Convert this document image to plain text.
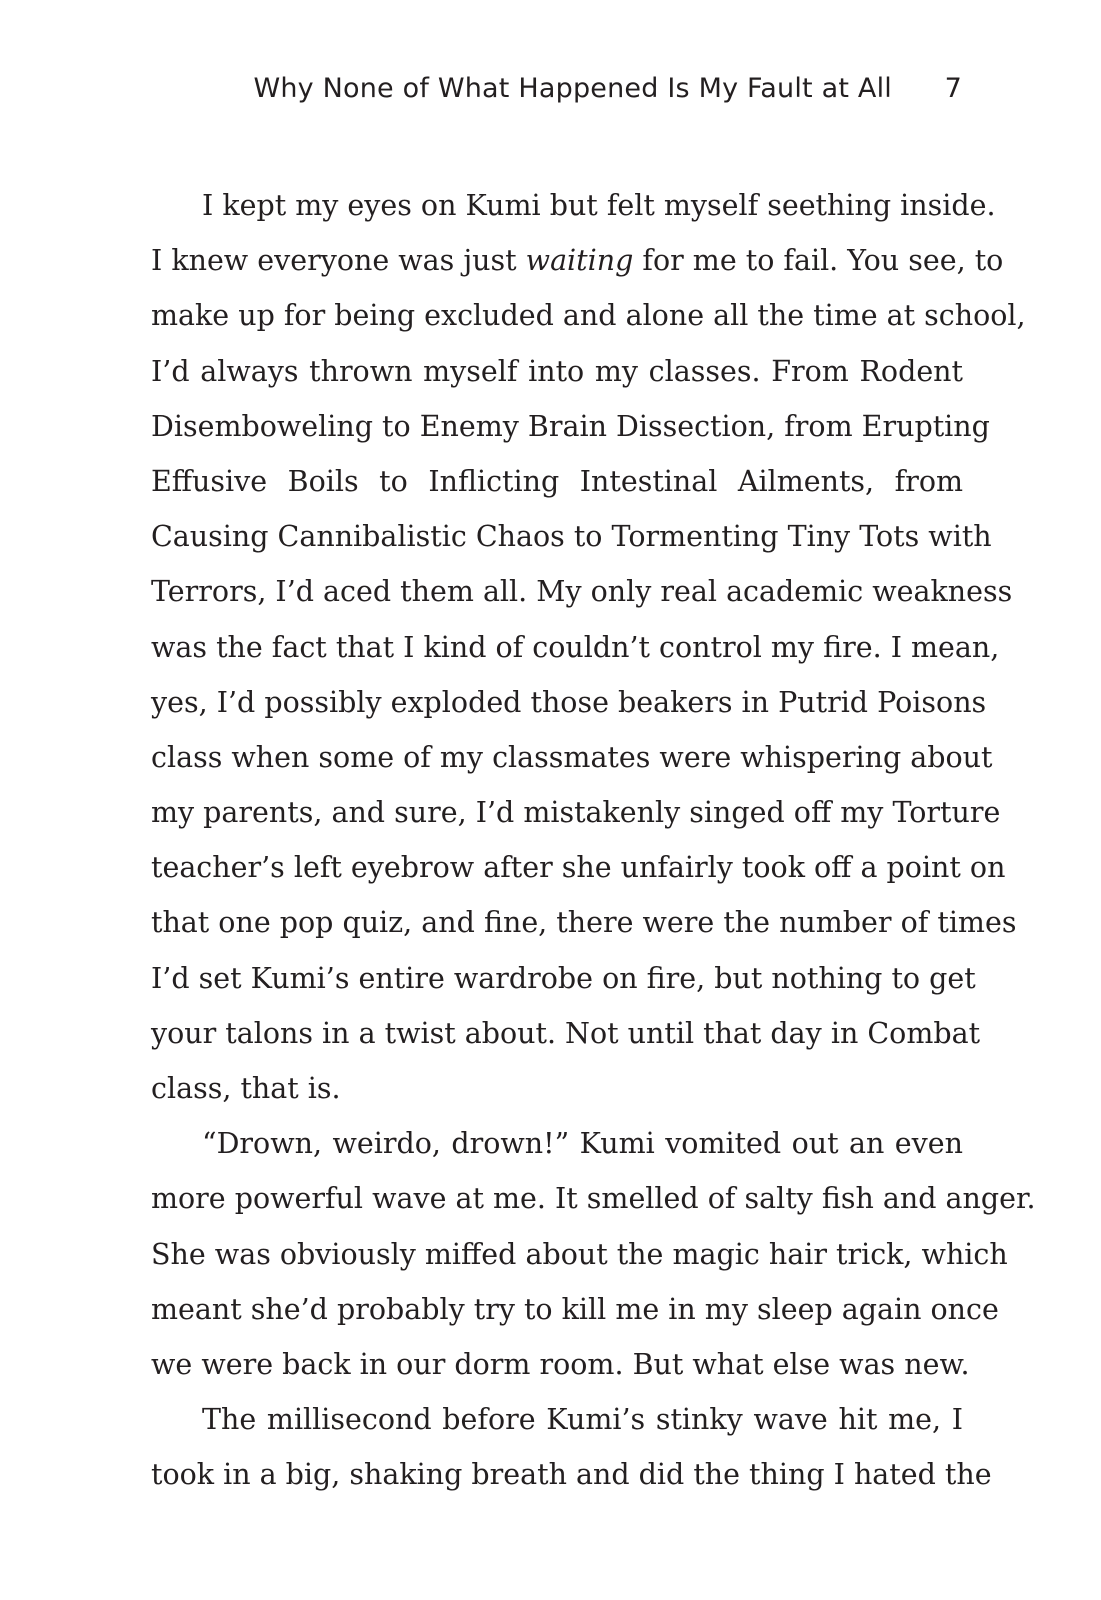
Why None of What Happened Is My Fault at All 7
I kept my eyes on Kumi but felt myself seething inside.
I knew everyone was just waiting for me to fail. You see, to
make up for being excluded and alone all the time at school,
I’d always thrown myself into my classes. From Rodent
Disemboweling to Enemy Brain Dissection, from Erupting
Effusive Boils to Inflicting Intestinal Ailments, from
Causing Cannibalistic Chaos to Tormenting Tiny Tots with
Terrors, I’d aced them all. My only real academic weakness
was the fact that I kind of couldn’t control my fire. I mean,
yes, I’d possibly exploded those beakers in Putrid Poisons
class when some of my classmates were whispering about
my parents, and sure, I’d mistakenly singed off my Torture
teacher’s left eyebrow after she unfairly took off a point on
that one pop quiz, and fine, there were the number of times
I’d set Kumi’s entire wardrobe on fire, but nothing to get
your talons in a twist about. Not until that day in Combat
class, that is.
“Drown, weirdo, drown!” Kumi vomited out an even
more powerful wave at me. It smelled of salty fish and anger.
She was obviously miffed about the magic hair trick, which
meant she’d probably try to kill me in my sleep again once
we were back in our dorm room. But what else was new.
The millisecond before Kumi’s stinky wave hit me, I
took in a big, shaking breath and did the thing I hated the
